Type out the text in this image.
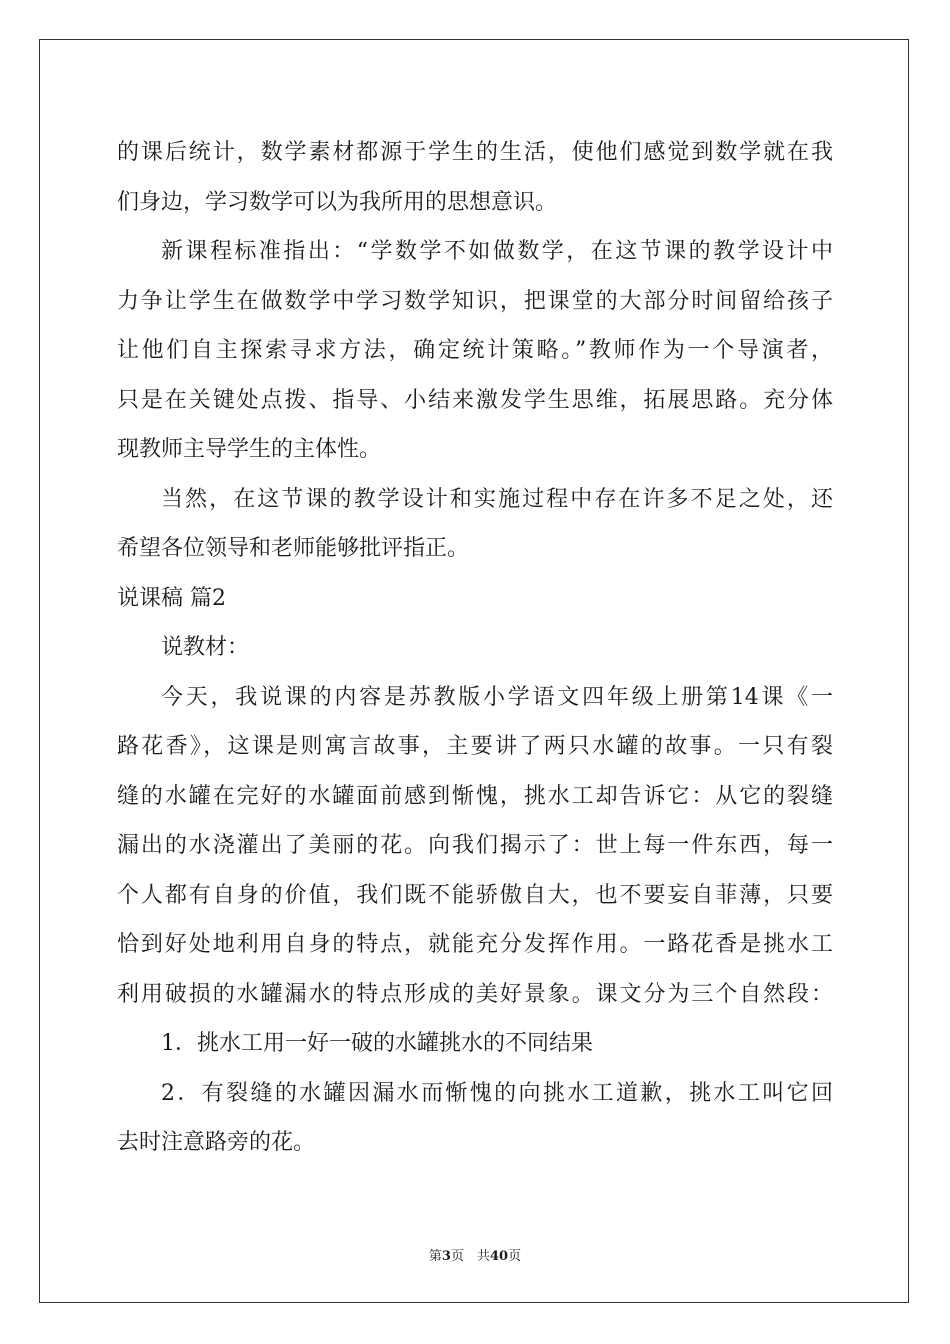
的课后统计，数学素材都源于学生的生活，使他们感觉到数学就在我
们身边，学习数学可以为我所用的思想意识。
新课程标准指出：“学数学不如做数学，在这节课的教学设计中
力争让学生在做数学中学习数学知识，把课堂的大部分时间留给孩子
让他们自主探索寻求方法，确定统计策略。”教师作为一个导演者，
只是在关键处点拨、指导、小结来激发学生思维，拓展思路。充分体
现教师主导学生的主体性。
当然，在这节课的教学设计和实施过程中存在许多不足之处，还
希望各位领导和老师能够批评指正。
说课稿 篇2
说教材：
今天，我说课的内容是苏教版小学语文四年级上册第14课《一
路花香》，这课是则寓言故事，主要讲了两只水罐的故事。一只有裂
缝的水罐在完好的水罐面前感到惭愧，挑水工却告诉它：从它的裂缝
漏出的水浇灌出了美丽的花。向我们揭示了：世上每一件东西，每一
个人都有自身的价值，我们既不能骄傲自大，也不要妄自菲薄，只要
恰到好处地利用自身的特点，就能充分发挥作用。一路花香是挑水工
利用破损的水罐漏水的特点形成的美好景象。课文分为三个自然段：
1．挑水工用一好一破的水罐挑水的不同结果
2．有裂缝的水罐因漏水而惭愧的向挑水工道歉，挑水工叫它回
去时注意路旁的花。
第3页　共40页
